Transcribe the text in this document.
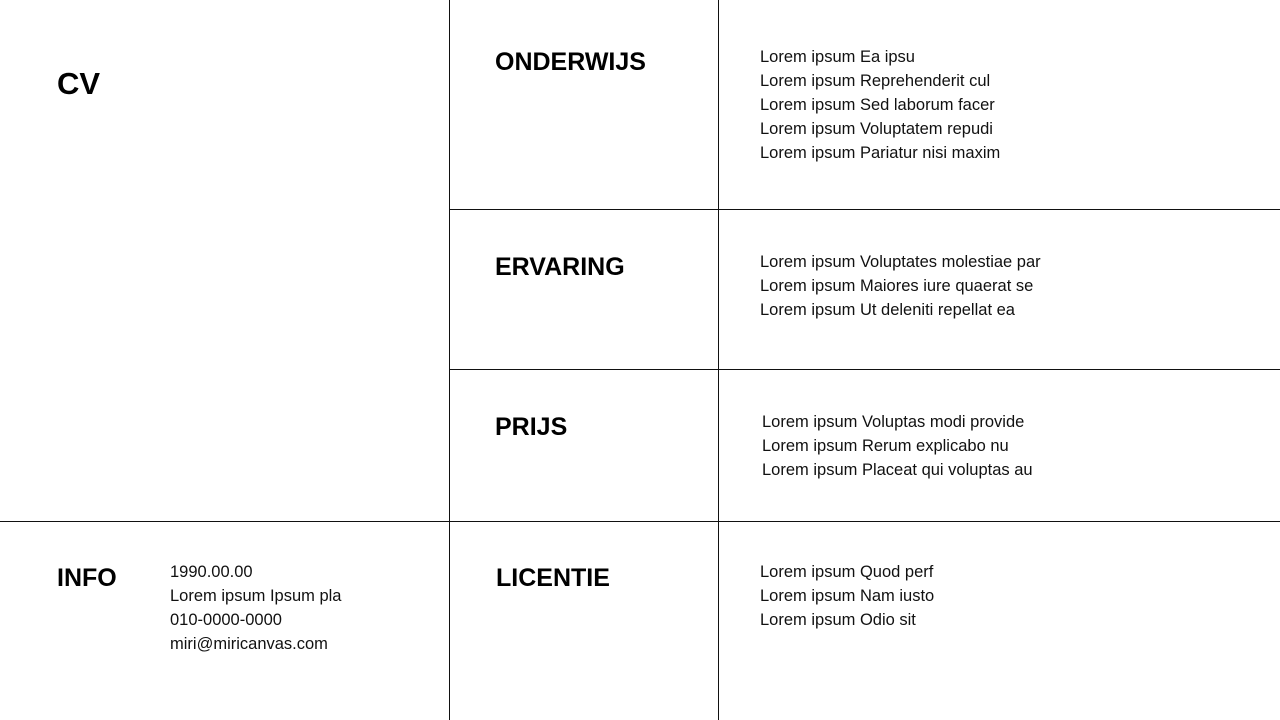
CV
ONDERWIJS	Lorem ipsum Ea ipsu
Lorem ipsum Reprehenderit cul
Lorem ipsum Sed laborum facer
Lorem ipsum Voluptatem repudi
Lorem ipsum Pariatur nisi maxim
ERVARING	Lorem ipsum Voluptates molestiae par
Lorem ipsum Maiores iure quaerat se
Lorem ipsum Ut deleniti repellat ea
PRIJS	Lorem ipsum Voluptas modi provide
Lorem ipsum Rerum explicabo nu
Lorem ipsum Placeat qui voluptas au
INFO	1990.00.00
Lorem ipsum Ipsum pla
010-0000-0000
miri@miricanvas.com
LICENTIE	Lorem ipsum Quod perf
Lorem ipsum Nam iusto
Lorem ipsum Odio sit
